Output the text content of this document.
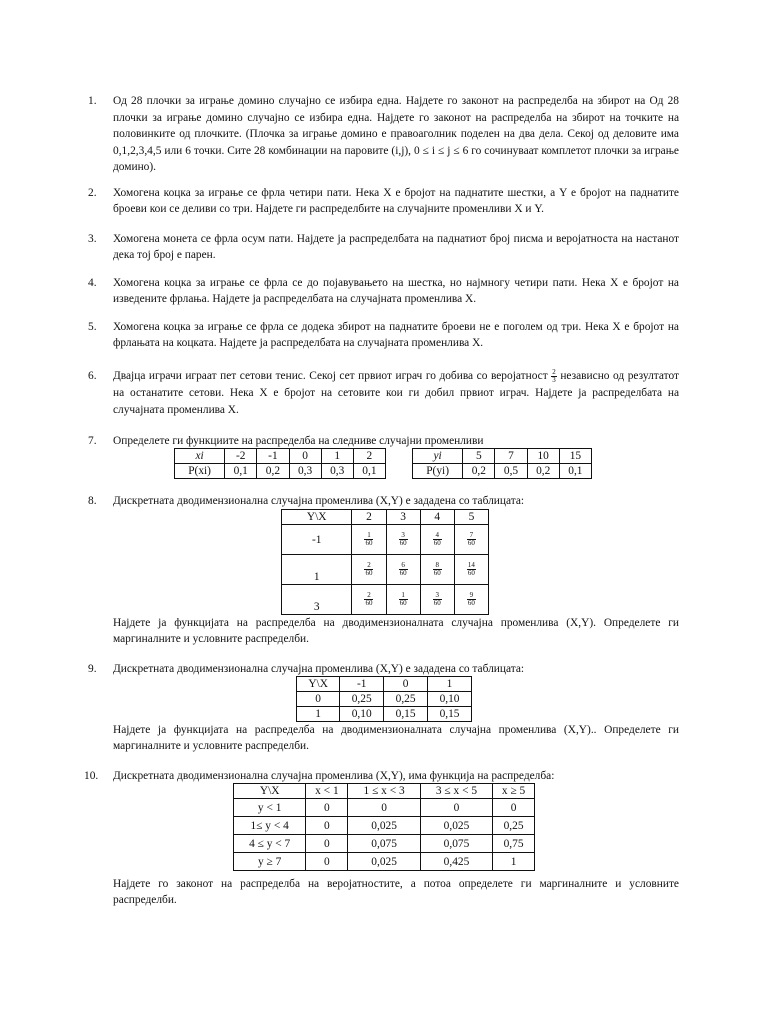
1.	Од 28 плочки за играње домино случајно се избира една. Најдете го законот на распределба на збирот на Од 28 плочки за играње домино случајно се избира една. Најдете го законот на распределба на збирот на точките на половинките од плочките. (Плочка за играње домино е правоаголник поделен на два дела. Секој од деловите има 0,1,2,3,4,5 или 6 точки. Сите 28 комбинации на паровите (i,j), 0 ≤ i ≤ j ≤ 6 го сочинуваат комплетот плочки за играње домино).
2.	Хомогена коцка за играње се фрла четири пати. Нека X е бројот на паднатите шестки, а Y е бројот на паднатите броеви кои се деливи со три. Најдете ги распределбите на случајните променливи X и Y.
3.	Хомогена монета се фрла осум пати. Најдете ја распределбата на паднатиот број писма и веројатноста на настанот дека тој број е парен.
4.	Хомогена коцка за играње се фрла се до појавувањето на шестка, но најмногу четири пати. Нека X е бројот на изведените фрлања. Најдете ја распределбата на случајната променлива X.
5.	Хомогена коцка за играње се фрла се додека збирот на паднатите броеви не е поголем од три. Нека X е бројот на фрлањата на коцката. Најдете ја распределбата на случајната променлива X.
6.	Двајца играчи играат пет сетови тенис. Секој сет првиот играч го добива со веројатност $\frac{2}{3}$ независно од резултатот на останатите сетови. Нека X е бројот на сетовите кои ги добил првиот играч. Најдете ја распределбата на случајната променлива X.
7.	Определете ги функциите на распределба на следниве случајни променливи
xi	-2	-1	0	1	2
P(xi)	0,1	0,2	0,3	0,3	0,1
yi	5	7	10	15
P(yi)	0,2	0,5	0,2	0,1
8.	Дискретната дводимензионална случајна променлива (X,Y) е зададена со таблицата:
Y\X	2	3	4	5
-1	$\frac{1}{60}$	$\frac{3}{60}$	$\frac{4}{60}$	$\frac{7}{60}$

1	$\frac{2}{60}$	$\frac{6}{60}$	$\frac{8}{60}$	$\frac{14}{60}$

3	$\frac{2}{60}$	$\frac{1}{60}$	$\frac{3}{60}$	$\frac{9}{60}$
Најдете ја функцијата на распределба на дводимензионалната случајна променлива (X,Y). Определете ги маргиналните и условните распределби.
9.	Дискретната дводимензионална случајна променлива (X,Y) е зададена со таблицата:
Y\X	-1	0	1
0	0,25	0,25	0,10
1	0,10	0,15	0,15
Најдете ја функцијата на распределба на дводимензионалната случајна променлива (X,Y).. Определете ги маргиналните и условните распределби.
10.	Дискретната дводимензионална случајна променлива (X,Y), има функција на распределба:
Y\X	x < 1	1 ≤ x < 3	3 ≤ x < 5	x ≥ 5
y < 1	0	0	0	0
1≤ y < 4	0	0,025	0,025	0,25
4 ≤ y < 7	0	0,075	0,075	0,75
y ≥ 7	0	0,025	0,425	1
Најдете го законот на распределба на веројатностите, а потоа определете ги маргиналните и условните распределби.
